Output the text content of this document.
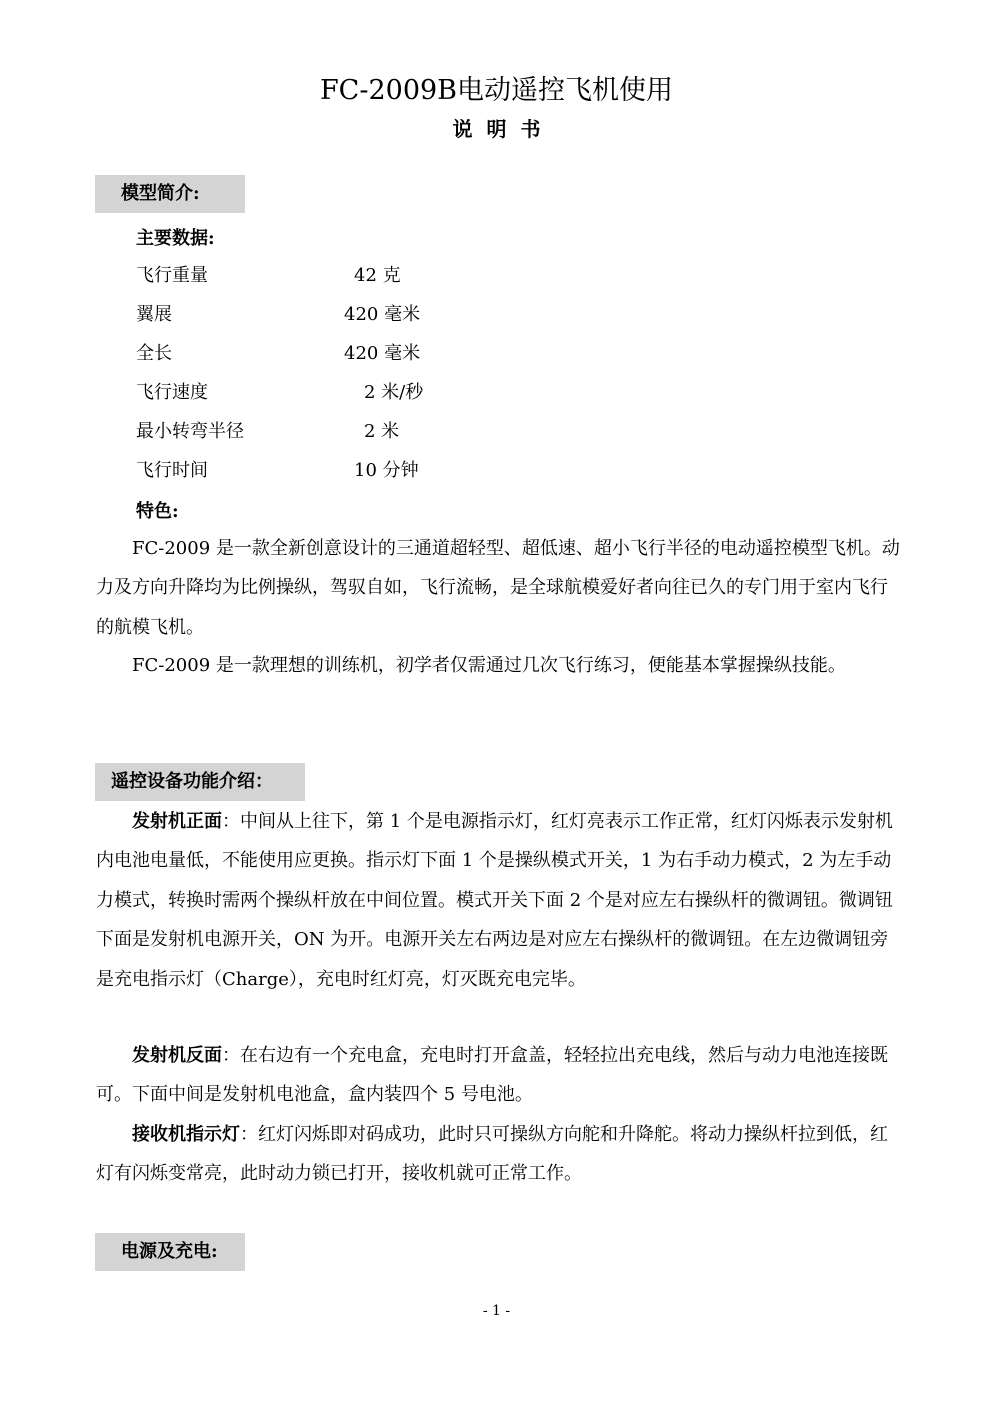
FC-2009B电动遥控飞机使用
说明书
模型简介:
主要数据:
飞行重量	42 克
翼展	420 毫米
全长	420 毫米
飞行速度	2 米/秒
最小转弯半径	2 米
飞行时间	10 分钟
特色:
FC-2009 是一款全新创意设计的三通道超轻型、超低速、超小飞行半径的电动遥控模型飞机。动力及方向升降均为比例操纵，驾驭自如，飞行流畅，是全球航模爱好者向往已久的专门用于室内飞行的航模飞机。
FC-2009 是一款理想的训练机，初学者仅需通过几次飞行练习，便能基本掌握操纵技能。
遥控设备功能介绍：
发射机正面：中间从上往下，第 1 个是电源指示灯，红灯亮表示工作正常，红灯闪烁表示发射机内电池电量低，不能使用应更换。指示灯下面 1 个是操纵模式开关，1 为右手动力模式，2 为左手动力模式，转换时需两个操纵杆放在中间位置。模式开关下面 2 个是对应左右操纵杆的微调钮。微调钮下面是发射机电源开关，ON 为开。电源开关左右两边是对应左右操纵杆的微调钮。在左边微调钮旁是充电指示灯（Charge），充电时红灯亮，灯灭既充电完毕。
发射机反面：在右边有一个充电盒，充电时打开盒盖，轻轻拉出充电线，然后与动力电池连接既可。下面中间是发射机电池盒，盒内装四个 5 号电池。
接收机指示灯：红灯闪烁即对码成功，此时只可操纵方向舵和升降舵。将动力操纵杆拉到低，红灯有闪烁变常亮，此时动力锁已打开，接收机就可正常工作。
电源及充电:
- 1 -
